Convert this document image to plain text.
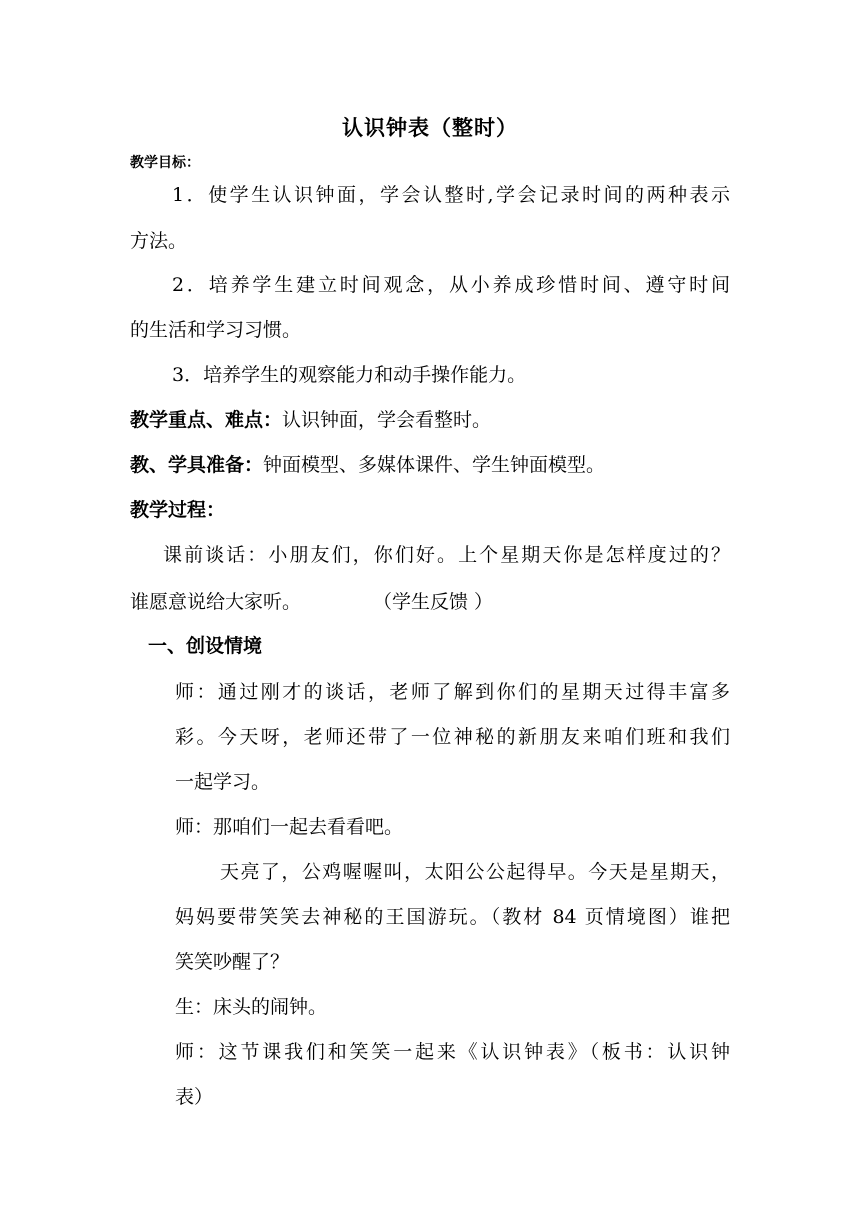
认识钟表（整时）
教学目标：
1．使学生认识钟面，学会认整时,学会记录时间的两种表示
方法。
2．培养学生建立时间观念，从小养成珍惜时间、遵守时间
的生活和学习习惯。
3．培养学生的观察能力和动手操作能力。
教学重点、难点：认识钟面，学会看整时。
教、学具准备：钟面模型、多媒体课件、学生钟面模型。
教学过程：
课前谈话：小朋友们，你们好。上个星期天你是怎样度过的？
谁愿意说给大家听。	（学生反馈 ）
一、创设情境
师：通过刚才的谈话，老师了解到你们的星期天过得丰富多
彩。今天呀，老师还带了一位神秘的新朋友来咱们班和我们
一起学习。
师：那咱们一起去看看吧。
天亮了，公鸡喔喔叫，太阳公公起得早。今天是星期天，
妈妈要带笑笑去神秘的王国游玩。（教材 84 页情境图）谁把
笑笑吵醒了？
生：床头的闹钟。
师：这节课我们和笑笑一起来《认识钟表》（板书：认识钟
表）
